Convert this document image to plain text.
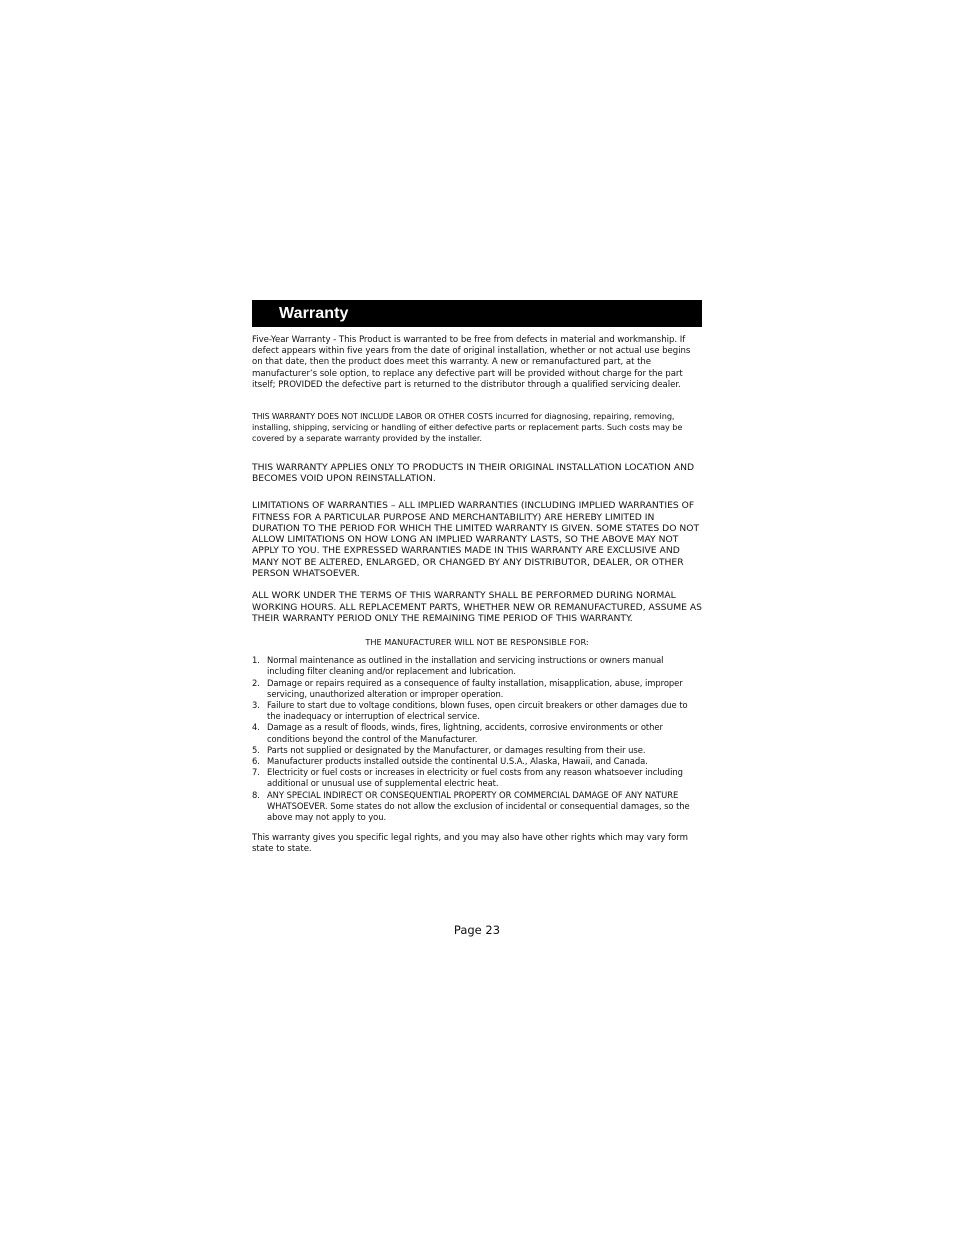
Warranty

Five-Year Warranty - This Product is warranted to be free from defects in material and workmanship. If defect appears within five years from the date of original installation, whether or not actual use begins on that date, then the product does meet this warranty. A new or remanufactured part, at the manufacturer’s sole option, to replace any defective part will be provided without charge for the part itself; PROVIDED the defective part is returned to the distributor through a qualified servicing dealer.

THIS WARRANTY DOES NOT INCLUDE LABOR OR OTHER COSTS incurred for diagnosing, repairing, removing, installing, shipping, servicing or handling of either defective parts or replacement parts. Such costs may be covered by a separate warranty provided by the installer.

THIS WARRANTY APPLIES ONLY TO PRODUCTS IN THEIR ORIGINAL INSTALLATION LOCATION AND BECOMES VOID UPON REINSTALLATION.

LIMITATIONS OF WARRANTIES – ALL IMPLIED WARRANTIES (INCLUDING IMPLIED WARRANTIES OF FITNESS FOR A PARTICULAR PURPOSE AND MERCHANTABILITY) ARE HEREBY LIMITED IN DURATION TO THE PERIOD FOR WHICH THE LIMITED WARRANTY IS GIVEN. SOME STATES DO NOT ALLOW LIMITATIONS ON HOW LONG AN IMPLIED WARRANTY LASTS, SO THE ABOVE MAY NOT APPLY TO YOU. THE EXPRESSED WARRANTIES MADE IN THIS WARRANTY ARE EXCLUSIVE AND MANY NOT BE ALTERED, ENLARGED, OR CHANGED BY ANY DISTRIBUTOR, DEALER, OR OTHER PERSON WHATSOEVER.

ALL WORK UNDER THE TERMS OF THIS WARRANTY SHALL BE PERFORMED DURING NORMAL WORKING HOURS. ALL REPLACEMENT PARTS, WHETHER NEW OR REMANUFACTURED, ASSUME AS THEIR WARRANTY PERIOD ONLY THE REMAINING TIME PERIOD OF THIS WARRANTY.

THE MANUFACTURER WILL NOT BE RESPONSIBLE FOR:

1. Normal maintenance as outlined in the installation and servicing instructions or owners manual including filter cleaning and/or replacement and lubrication.
2. Damage or repairs required as a consequence of faulty installation, misapplication, abuse, improper servicing, unauthorized alteration or improper operation.
3. Failure to start due to voltage conditions, blown fuses, open circuit breakers or other damages due to the inadequacy or interruption of electrical service.
4. Damage as a result of floods, winds, fires, lightning, accidents, corrosive environments or other conditions beyond the control of the Manufacturer.
5. Parts not supplied or designated by the Manufacturer, or damages resulting from their use.
6. Manufacturer products installed outside the continental U.S.A., Alaska, Hawaii, and Canada.
7. Electricity or fuel costs or increases in electricity or fuel costs from any reason whatsoever including additional or unusual use of supplemental electric heat.
8. ANY SPECIAL INDIRECT OR CONSEQUENTIAL PROPERTY OR COMMERCIAL DAMAGE OF ANY NATURE WHATSOEVER. Some states do not allow the exclusion of incidental or consequential damages, so the above may not apply to you.

This warranty gives you specific legal rights, and you may also have other rights which may vary form state to state.

Page 23
